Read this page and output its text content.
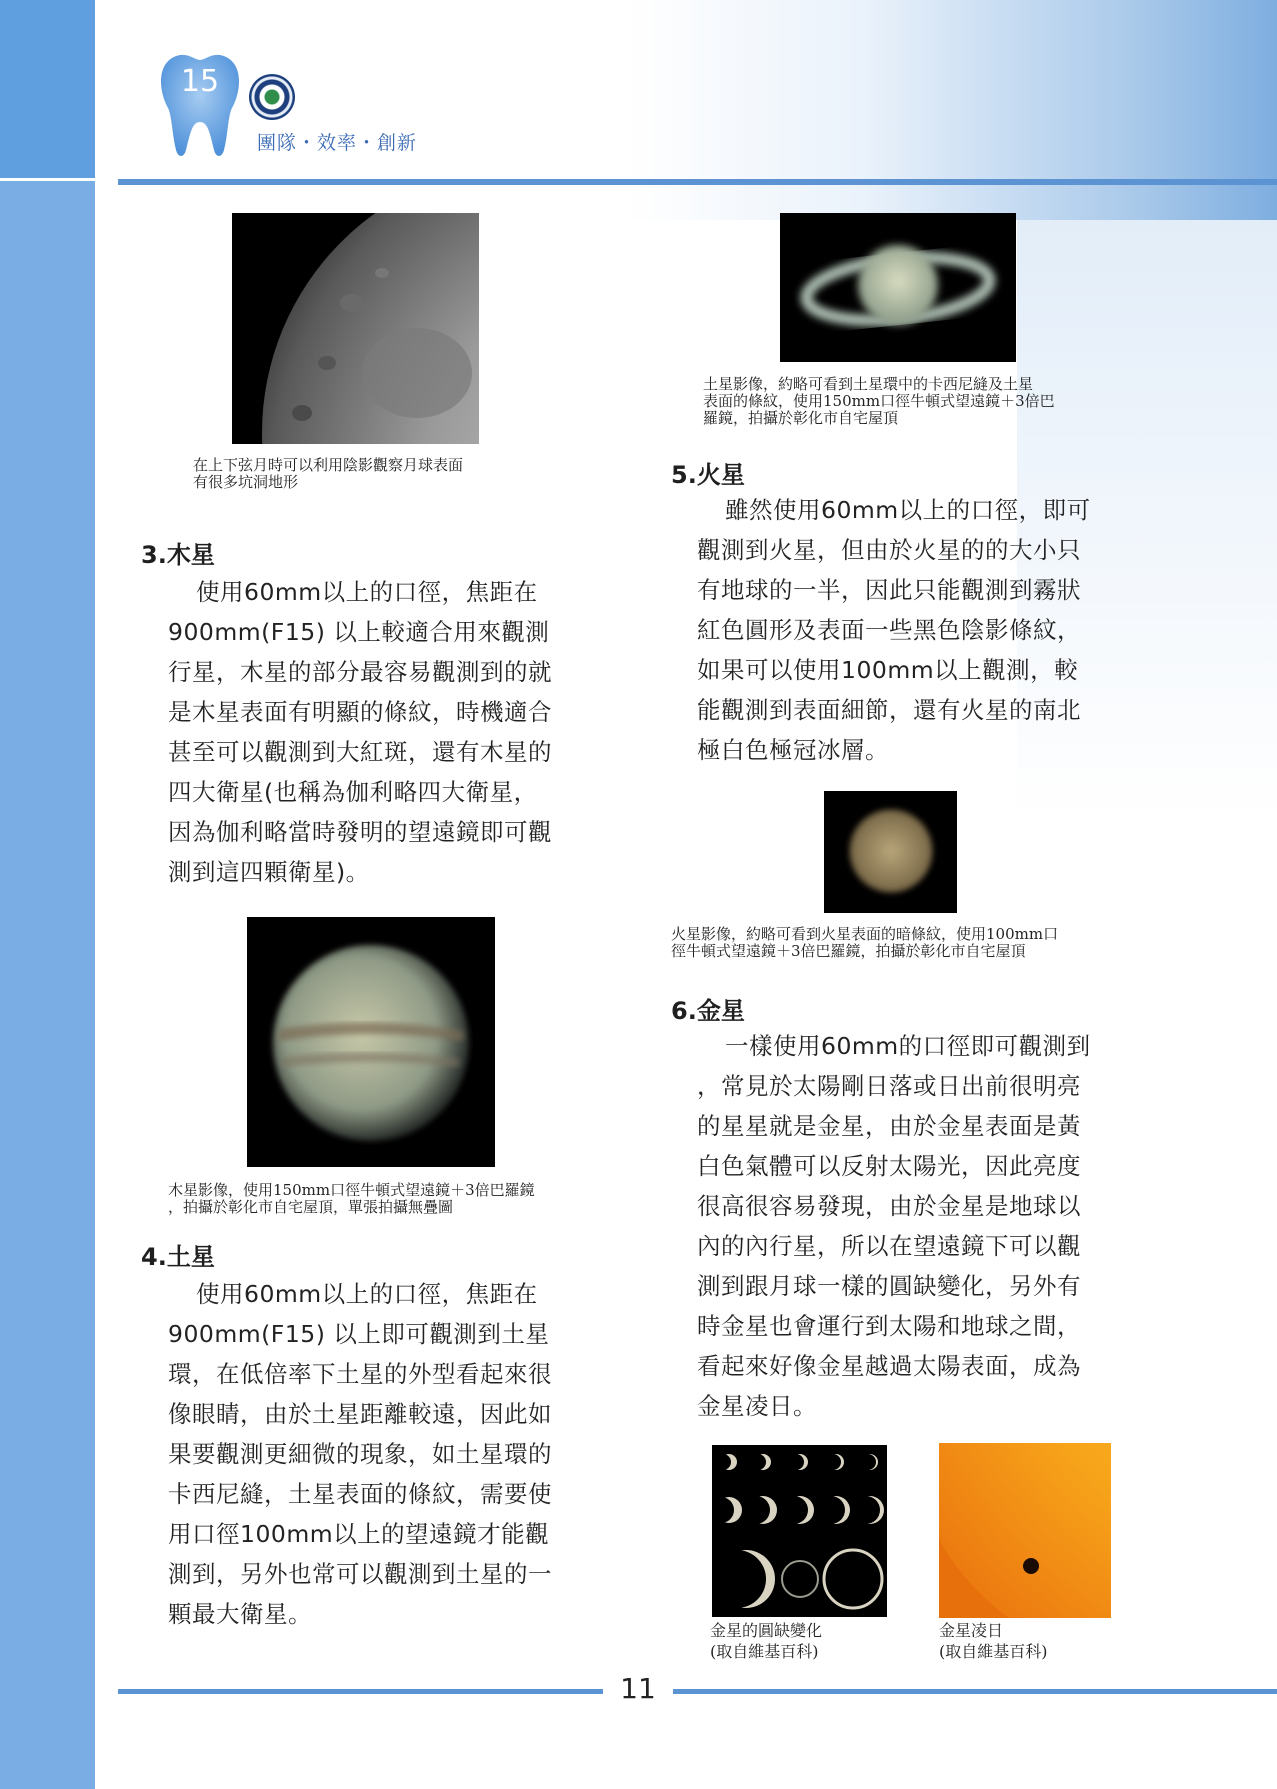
15
團隊・效率・創新
在上下弦月時可以利用陰影觀察月球表面
有很多坑洞地形
3.木星
使用60mm以上的口徑，焦距在
900mm(F15) 以上較適合用來觀測
行星，木星的部分最容易觀測到的就
是木星表面有明顯的條紋，時機適合
甚至可以觀測到大紅斑，還有木星的
四大衛星(也稱為伽利略四大衛星，
因為伽利略當時發明的望遠鏡即可觀
測到這四顆衛星)。
木星影像，使用150mm口徑牛頓式望遠鏡＋3倍巴羅鏡
，拍攝於彰化市自宅屋頂，單張拍攝無疊圖
4.土星
使用60mm以上的口徑，焦距在
900mm(F15) 以上即可觀測到土星
環，在低倍率下土星的外型看起來很
像眼睛，由於土星距離較遠，因此如
果要觀測更細微的現象，如土星環的
卡西尼縫，土星表面的條紋，需要使
用口徑100mm以上的望遠鏡才能觀
測到，另外也常可以觀測到土星的一
顆最大衛星。
土星影像，約略可看到土星環中的卡西尼縫及土星
表面的條紋，使用150mm口徑牛頓式望遠鏡＋3倍巴
羅鏡，拍攝於彰化市自宅屋頂
5.火星
雖然使用60mm以上的口徑，即可
觀測到火星，但由於火星的的大小只
有地球的一半，因此只能觀測到霧狀
紅色圓形及表面一些黑色陰影條紋，
如果可以使用100mm以上觀測，較
能觀測到表面細節，還有火星的南北
極白色極冠冰層。
火星影像，約略可看到火星表面的暗條紋，使用100mm口
徑牛頓式望遠鏡＋3倍巴羅鏡，拍攝於彰化市自宅屋頂
6.金星
一樣使用60mm的口徑即可觀測到
，常見於太陽剛日落或日出前很明亮
的星星就是金星，由於金星表面是黃
白色氣體可以反射太陽光，因此亮度
很高很容易發現，由於金星是地球以
內的內行星，所以在望遠鏡下可以觀
測到跟月球一樣的圓缺變化，另外有
時金星也會運行到太陽和地球之間，
看起來好像金星越過太陽表面，成為
金星凌日。
金星的圓缺變化
(取自維基百科)
金星凌日
(取自維基百科)
11
